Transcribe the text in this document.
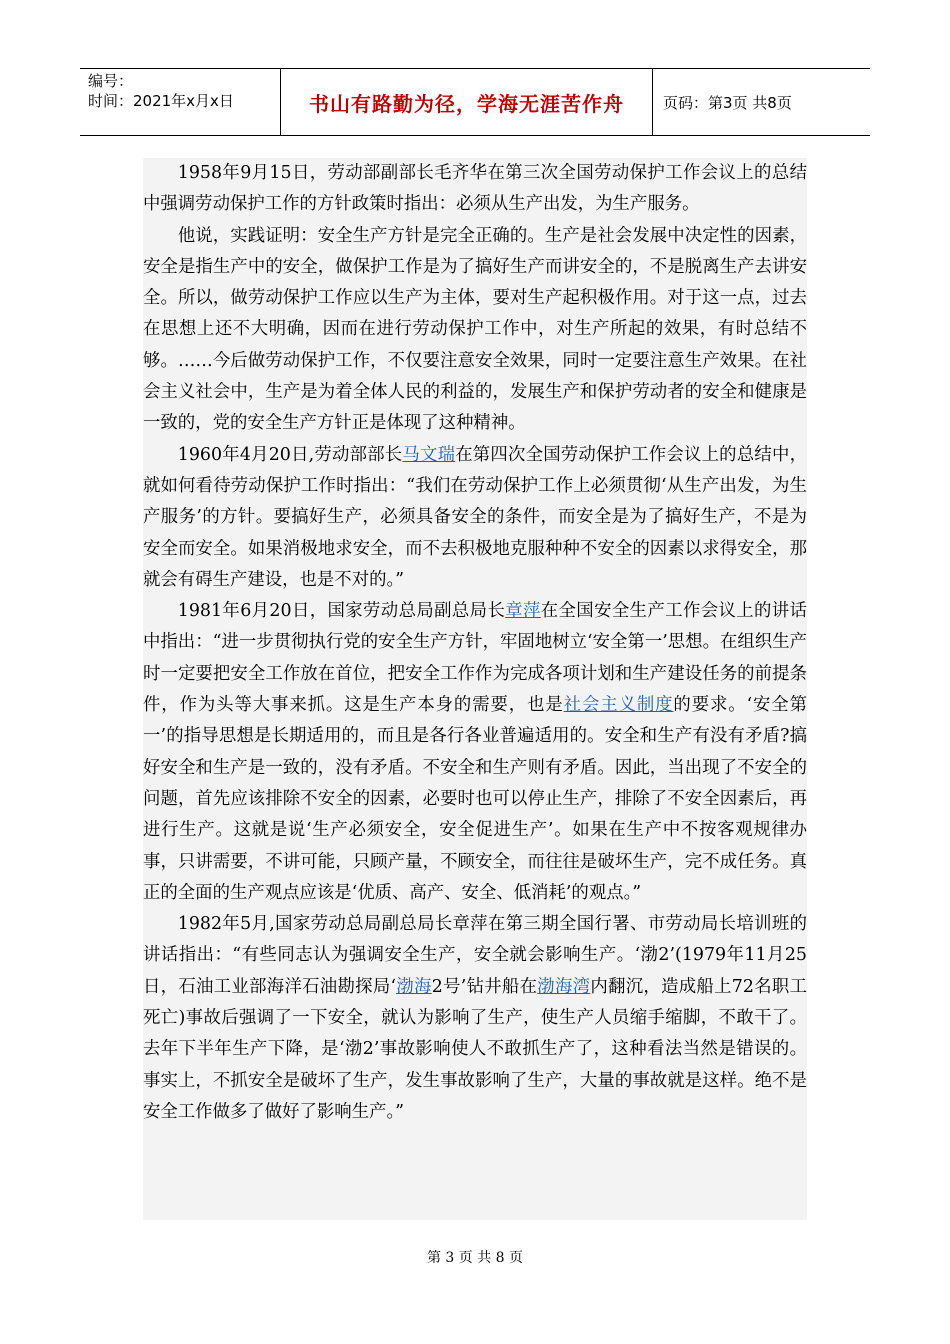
编号：
时间：2021年x月x日	书山有路勤为径，学海无涯苦作舟	页码：第3页 共8页

1958年9月15日，劳动部副部长毛齐华在第三次全国劳动保护工作会议上的总结中强调劳动保护工作的方针政策时指出：必须从生产出发，为生产服务。

他说，实践证明：安全生产方针是完全正确的。生产是社会发展中决定性的因素，安全是指生产中的安全，做保护工作是为了搞好生产而讲安全的，不是脱离生产去讲安全。所以，做劳动保护工作应以生产为主体，要对生产起积极作用。对于这一点，过去在思想上还不大明确，因而在进行劳动保护工作中，对生产所起的效果，有时总结不够。……今后做劳动保护工作，不仅要注意安全效果，同时一定要注意生产效果。在社会主义社会中，生产是为着全体人民的利益的，发展生产和保护劳动者的安全和健康是一致的，党的安全生产方针正是体现了这种精神。

1960年4月20日,劳动部部长马文瑞在第四次全国劳动保护工作会议上的总结中，就如何看待劳动保护工作时指出：“我们在劳动保护工作上必须贯彻‘从生产出发，为生产服务’的方针。要搞好生产，必须具备安全的条件，而安全是为了搞好生产，不是为安全而安全。如果消极地求安全，而不去积极地克服种种不安全的因素以求得安全，那就会有碍生产建设，也是不对的。”

1981年6月20日，国家劳动总局副总局长章萍在全国安全生产工作会议上的讲话中指出：“进一步贯彻执行党的安全生产方针，牢固地树立‘安全第一’思想。在组织生产时一定要把安全工作放在首位，把安全工作作为完成各项计划和生产建设任务的前提条件，作为头等大事来抓。这是生产本身的需要，也是社会主义制度的要求。‘安全第一’的指导思想是长期适用的，而且是各行各业普遍适用的。安全和生产有没有矛盾?搞好安全和生产是一致的，没有矛盾。不安全和生产则有矛盾。因此，当出现了不安全的问题，首先应该排除不安全的因素，必要时也可以停止生产，排除了不安全因素后，再进行生产。这就是说‘生产必须安全，安全促进生产’。如果在生产中不按客观规律办事，只讲需要，不讲可能，只顾产量，不顾安全，而往往是破坏生产，完不成任务。真正的全面的生产观点应该是‘优质、高产、安全、低消耗’的观点。”

1982年5月,国家劳动总局副总局长章萍在第三期全国行署、市劳动局长培训班的讲话指出：“有些同志认为强调安全生产，安全就会影响生产。‘渤2’(1979年11月25日，石油工业部海洋石油勘探局‘渤海2号’钻井船在渤海湾内翻沉，造成船上72名职工死亡)事故后强调了一下安全，就认为影响了生产，使生产人员缩手缩脚，不敢干了。去年下半年生产下降，是‘渤2’事故影响使人不敢抓生产了，这种看法当然是错误的。事实上，不抓安全是破坏了生产，发生事故影响了生产，大量的事故就是这样。绝不是安全工作做多了做好了影响生产。”

第 3 页 共 8 页
